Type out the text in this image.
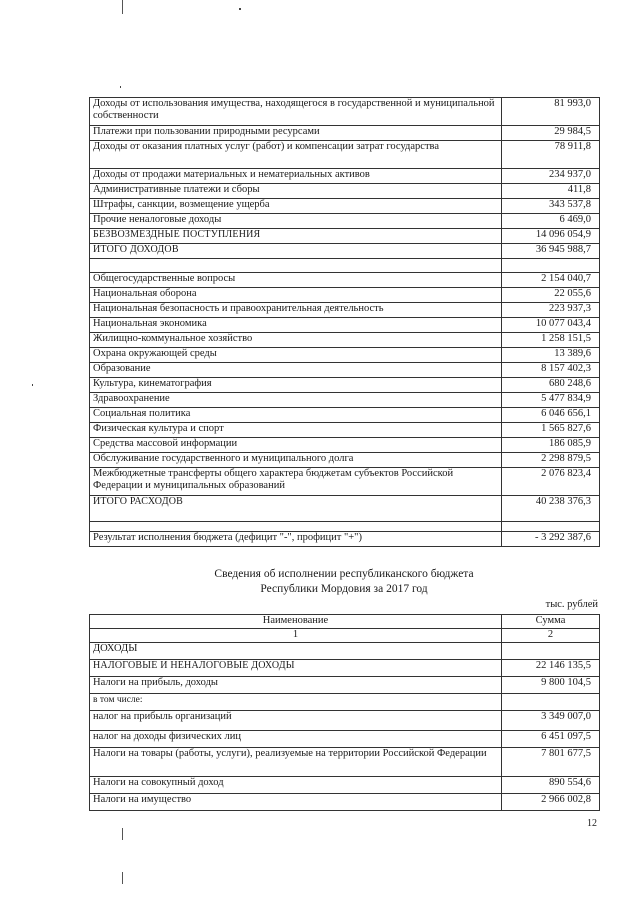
Доходы от использования имущества, находящегося в государственной и муниципальной собственности	81 993,0
Платежи при пользовании природными ресурсами	29 984,5
Доходы от оказания платных услуг (работ) и компенсации затрат государства	78 911,8
Доходы от продажи материальных и нематериальных активов	234 937,0
Административные платежи и сборы	411,8
Штрафы, санкции, возмещение ущерба	343 537,8
Прочие неналоговые доходы	6 469,0
БЕЗВОЗМЕЗДНЫЕ ПОСТУПЛЕНИЯ	14 096 054,9
ИТОГО ДОХОДОВ	36 945 988,7

Общегосударственные вопросы	2 154 040,7
Национальная оборона	22 055,6
Национальная безопасность и правоохранительная деятельность	223 937,3
Национальная экономика	10 077 043,4
Жилищно-коммунальное хозяйство	1 258 151,5
Охрана окружающей среды	13 389,6
Образование	8 157 402,3
Культура, кинематография	680 248,6
Здравоохранение	5 477 834,9
Социальная политика	6 046 656,1
Физическая культура и спорт	1 565 827,6
Средства массовой информации	186 085,9
Обслуживание государственного и муниципального долга	2 298 879,5
Межбюджетные трансферты общего характера бюджетам субъектов Российской Федерации и муниципальных образований	2 076 823,4
ИТОГО РАСХОДОВ	40 238 376,3

Результат исполнения бюджета (дефицит "-", профицит "+")	- 3 292 387,6
Сведения об исполнении республиканского бюджета
Республики Мордовия за 2017 год
тыс. рублей
Наименование	Сумма
1	2
ДОХОДЫ	
НАЛОГОВЫЕ И НЕНАЛОГОВЫЕ ДОХОДЫ	22 146 135,5
Налоги на прибыль, доходы	9 800 104,5
в том числе:	
налог на прибыль организаций	3 349 007,0
налог на доходы физических лиц	6 451 097,5
Налоги на товары (работы, услуги), реализуемые на территории Российской Федерации	7 801 677,5
Налоги на совокупный доход	890 554,6
Налоги на имущество	2 966 002,8
12
